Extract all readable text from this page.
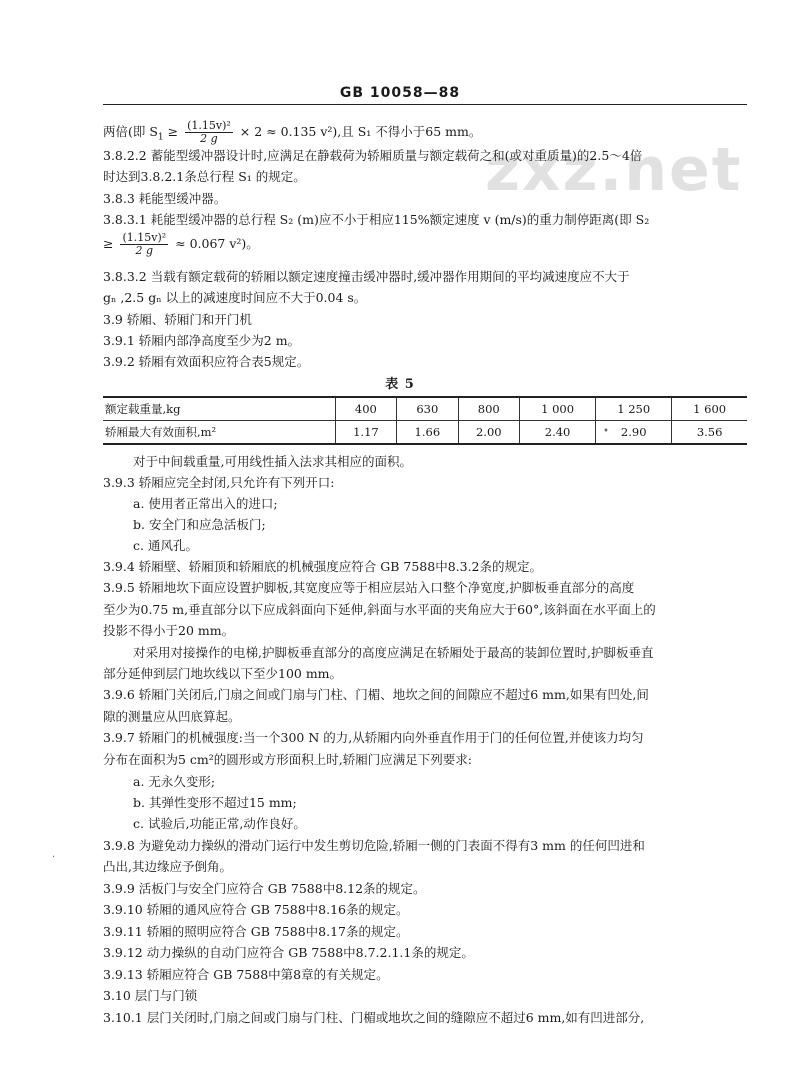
GB 10058—88
zxz.net
两倍(即 $S_1 \ge \frac{\text{(1.15v)²}}{2 g} \times 2 \approx 0.135$ v²),且 S₁ 不得小于65 mm。
3.8.2.2 蓄能型缓冲器设计时,应满足在静载荷为轿厢质量与额定载荷之和(或对重质量)的2.5～4倍
时达到3.8.2.1条总行程 S₁ 的规定。
3.8.3 耗能型缓冲器。
3.8.3.1 耗能型缓冲器的总行程 S₂ (m)应不小于相应115%额定速度 v (m/s)的重力制停距离(即 S₂
≥ $\frac{\text{(1.15v)²}}{2 g} \approx 0.067$ v²)。
3.8.3.2 当载有额定载荷的轿厢以额定速度撞击缓冲器时,缓冲器作用期间的平均减速度应不大于
gₙ ,2.5 gₙ 以上的减速度时间应不大于0.04 s。
3.9 轿厢、轿厢门和开门机
3.9.1 轿厢内部净高度至少为2 m。
3.9.2 轿厢有效面积应符合表5规定。
表 5
额定载重量,kg	400	630	800	1 000	1 250	1 600
轿厢最大有效面积,m²	1.17	1.66	2.00	2.40	2.90	3.56
对于中间载重量,可用线性插入法求其相应的面积。
3.9.3 轿厢应完全封闭,只允许有下列开口:
a. 使用者正常出入的进口;
b. 安全门和应急活板门;
c. 通风孔。
3.9.4 轿厢壁、轿厢顶和轿厢底的机械强度应符合 GB 7588中8.3.2条的规定。
3.9.5 轿厢地坎下面应设置护脚板,其宽度应等于相应层站入口整个净宽度,护脚板垂直部分的高度
至少为0.75 m,垂直部分以下应成斜面向下延伸,斜面与水平面的夹角应大于60°,该斜面在水平面上的
投影不得小于20 mm。
对采用对接操作的电梯,护脚板垂直部分的高度应满足在轿厢处于最高的装卸位置时,护脚板垂直
部分延伸到层门地坎线以下至少100 mm。
3.9.6 轿厢门关闭后,门扇之间或门扇与门柱、门楣、地坎之间的间隙应不超过6 mm,如果有凹处,间
隙的测量应从凹底算起。
3.9.7 轿厢门的机械强度:当一个300 N 的力,从轿厢内向外垂直作用于门的任何位置,并使该力均匀
分布在面积为5 cm²的圆形或方形面积上时,轿厢门应满足下列要求:
a. 无永久变形;
b. 其弹性变形不超过15 mm;
c. 试验后,功能正常,动作良好。
3.9.8 为避免动力操纵的滑动门运行中发生剪切危险,轿厢一侧的门表面不得有3 mm 的任何凹进和
凸出,其边缘应予倒角。
3.9.9 活板门与安全门应符合 GB 7588中8.12条的规定。
3.9.10 轿厢的通风应符合 GB 7588中8.16条的规定。
3.9.11 轿厢的照明应符合 GB 7588中8.17条的规定。
3.9.12 动力操纵的自动门应符合 GB 7588中8.7.2.1.1条的规定。
3.9.13 轿厢应符合 GB 7588中第8章的有关规定。
3.10 层门与门锁
3.10.1 层门关闭时,门扇之间或门扇与门柱、门楣或地坎之间的缝隙应不超过6 mm,如有凹进部分,
·
•
